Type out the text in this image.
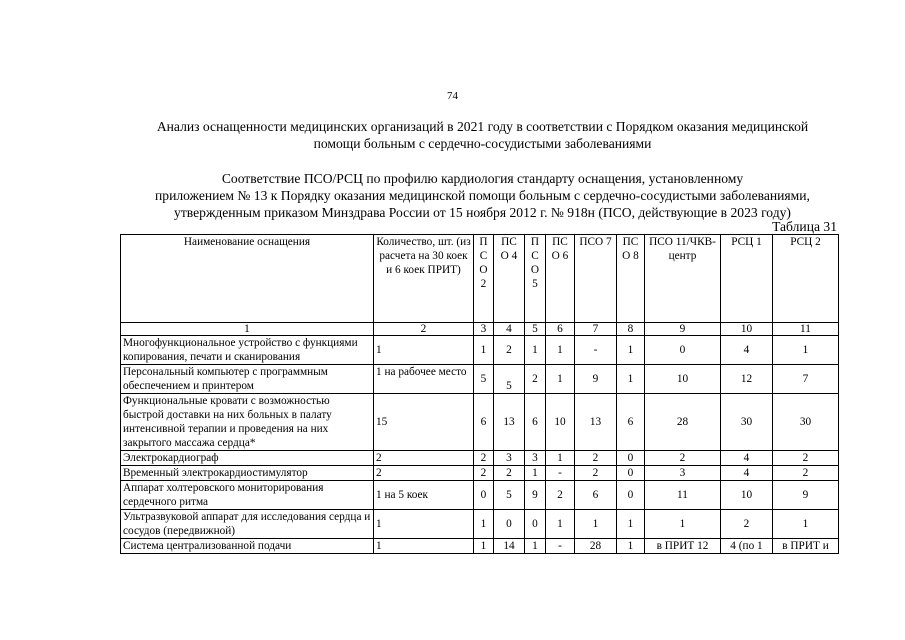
74
Анализ оснащенности медицинских организаций в 2021 году в соответствии с Порядком оказания медицинской
помощи больным с сердечно-сосудистыми заболеваниями
Соответствие ПСО/РСЦ по профилю кардиология стандарту оснащения, установленному
приложением № 13 к Порядку оказания медицинской помощи больным с сердечно-сосудистыми заболеваниями,
утвержденным приказом Минздрава России от 15 ноября 2012 г. № 918н (ПСО, действующие в 2023 году)
Таблица 31
Наименование оснащения	Количество, шт. (из расчета на 30 коек и 6 коек ПРИТ)	П С О 2	ПС О 4	П С О 5	ПС О 6	ПСО 7	ПС О 8	ПСО 11/ЧКВ-центр	РСЦ 1	РСЦ 2
1	2	3	4	5	6	7	8	9	10	11
Многофункциональное устройство с функциями копирования, печати и сканирования	1	1	2	1	1	-	1	0	4	1
Персональный компьютер с программным обеспечением и принтером	1 на рабочее место	5	5	2	1	9	1	10	12	7
Функциональные кровати с возможностью быстрой доставки на них больных в палату интенсивной терапии и проведения на них закрытого массажа сердца*	15	6	13	6	10	13	6	28	30	30
Электрокардиограф	2	2	3	3	1	2	0	2	4	2
Временный электрокардиостимулятор	2	2	2	1	-	2	0	3	4	2
Аппарат холтеровского мониторирования сердечного ритма	1 на 5 коек	0	5	9	2	6	0	11	10	9
Ультразвуковой аппарат для исследования сердца и сосудов (передвижной)	1	1	0	0	1	1	1	1	2	1
Система централизованной подачи	1	1	14	1	-	28	1	в ПРИТ 12	4 (по 1	в ПРИТ и
